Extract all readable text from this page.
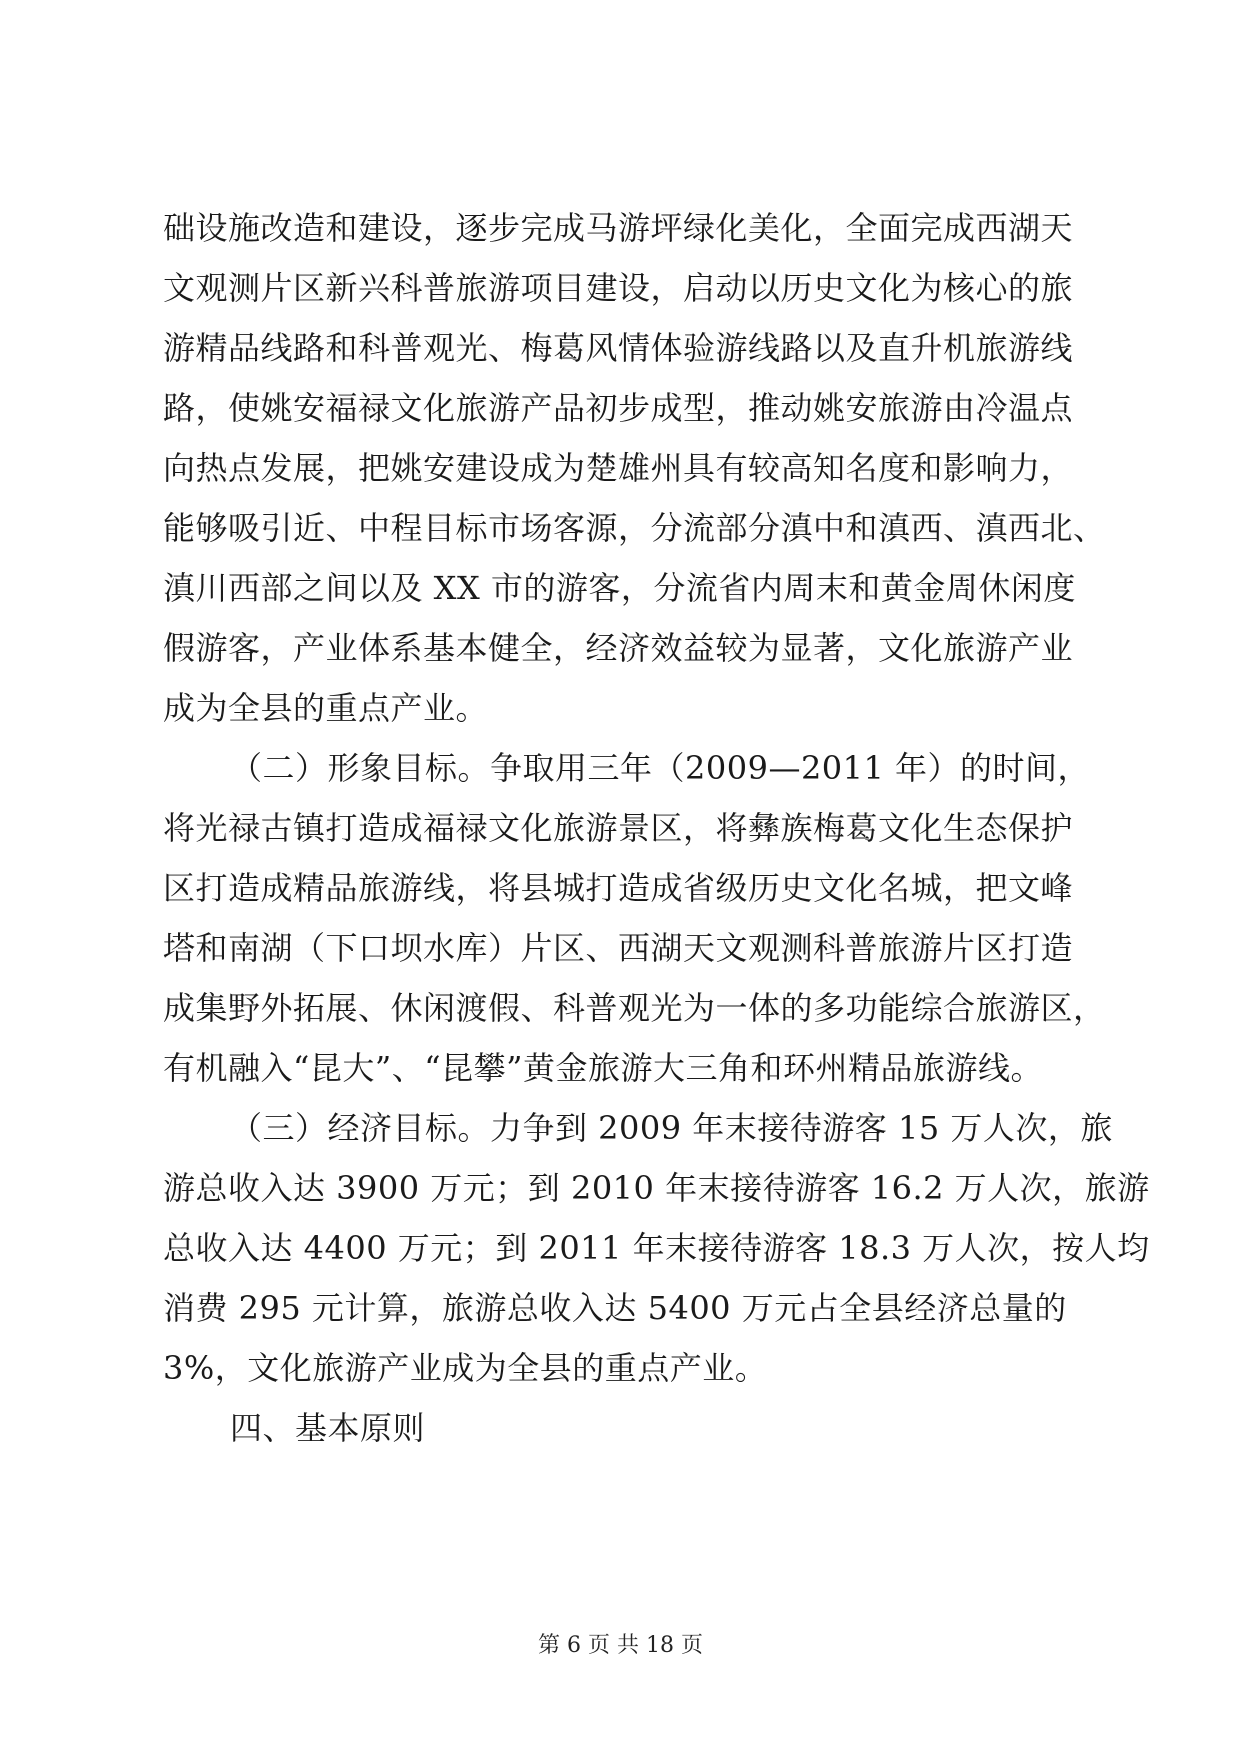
础设施改造和建设，逐步完成马游坪绿化美化，全面完成西湖天
文观测片区新兴科普旅游项目建设，启动以历史文化为核心的旅
游精品线路和科普观光、梅葛风情体验游线路以及直升机旅游线
路，使姚安福禄文化旅游产品初步成型，推动姚安旅游由冷温点
向热点发展，把姚安建设成为楚雄州具有较高知名度和影响力，
能够吸引近、中程目标市场客源，分流部分滇中和滇西、滇西北、
滇川西部之间以及 XX 市的游客，分流省内周末和黄金周休闲度
假游客，产业体系基本健全，经济效益较为显著，文化旅游产业
成为全县的重点产业。
（二）形象目标。争取用三年（2009—2011 年）的时间，
将光禄古镇打造成福禄文化旅游景区，将彝族梅葛文化生态保护
区打造成精品旅游线，将县城打造成省级历史文化名城，把文峰
塔和南湖（下口坝水库）片区、西湖天文观测科普旅游片区打造
成集野外拓展、休闲渡假、科普观光为一体的多功能综合旅游区，
有机融入“昆大”、“昆攀”黄金旅游大三角和环州精品旅游线。
（三）经济目标。力争到 2009 年末接待游客 15 万人次，旅
游总收入达 3900 万元；到 2010 年末接待游客 16.2 万人次，旅游
总收入达 4400 万元；到 2011 年末接待游客 18.3 万人次，按人均
消费 295 元计算，旅游总收入达 5400 万元占全县经济总量的
3%，文化旅游产业成为全县的重点产业。
四、基本原则
第 6 页 共 18 页
